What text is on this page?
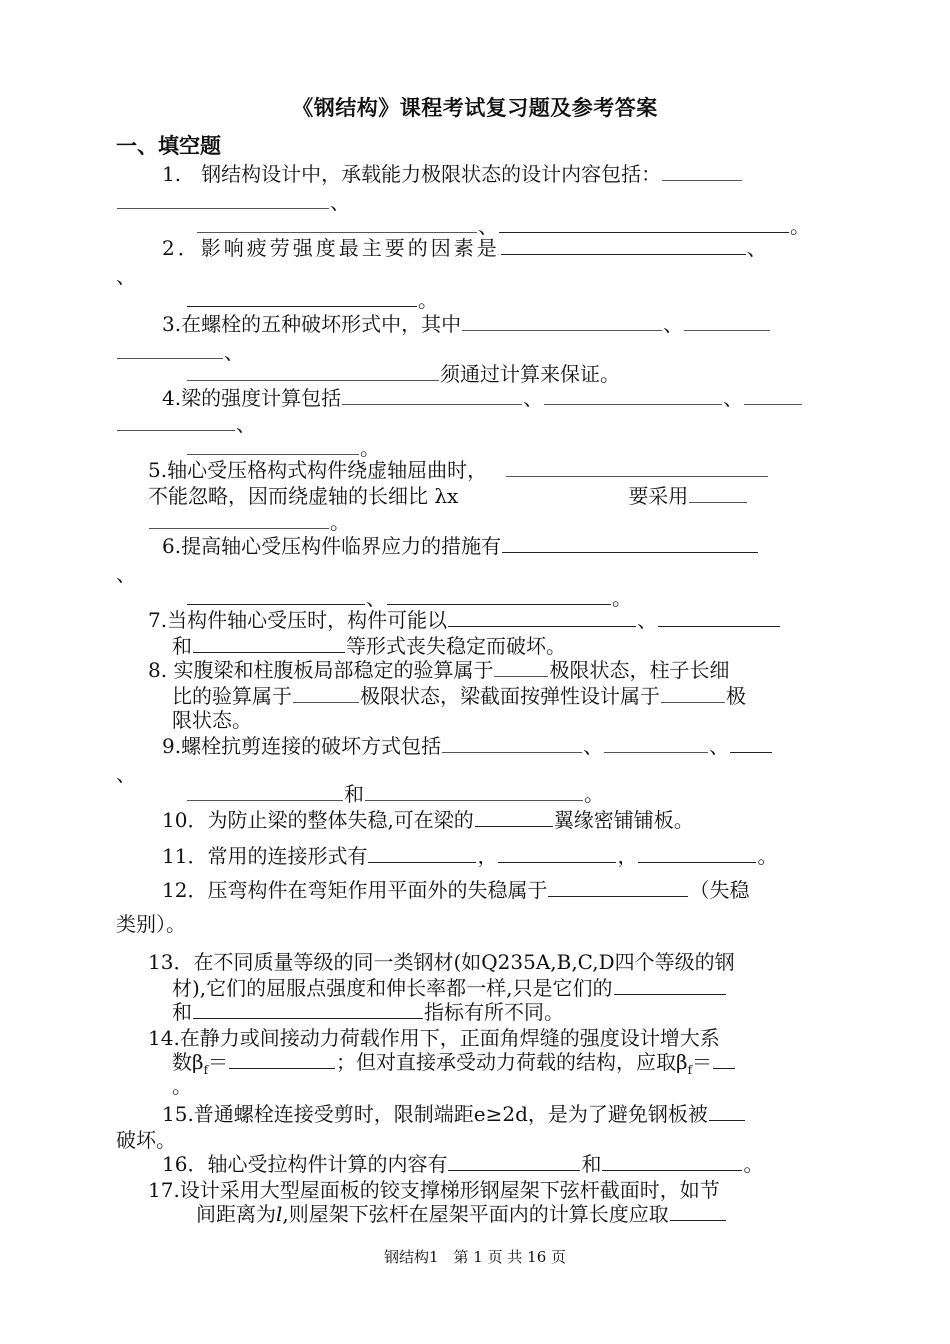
《钢结构》课程考试复习题及参考答案
一、填空题
1.　钢结构设计中，承载能力极限状态的设计内容包括：
、
、	。
2．影响疲劳强度最主要的因素是	、
、
。
3.在螺栓的五种破坏形式中，其中	、
、
须通过计算来保证。
4.梁的强度计算包括	、	、
、
。
5.轴心受压格构式构件绕虚轴屈曲时，
不能忽略，因而绕虚轴的长细比 λx	要采用
。
6.提高轴心受压构件临界应力的措施有
、
、	。
7.当构件轴心受压时，构件可能以	、
和	等形式丧失稳定而破坏。
8. 实腹梁和柱腹板局部稳定的验算属于	极限状态，柱子长细
比的验算属于	极限状态，梁截面按弹性设计属于	极
限状态。
9.螺栓抗剪连接的破坏方式包括	、	、
、
和	。
10．为防止梁的整体失稳,可在梁的	翼缘密铺铺板。
11．常用的连接形式有	，	，	。
12．压弯构件在弯矩作用平面外的失稳属于	（失稳
类别）。
13．在不同质量等级的同一类钢材(如Q235A,B,C,D四个等级的钢
材),它们的屈服点强度和伸长率都一样,只是它们的
和	指标有所不同。
14.在静力或间接动力荷载作用下，正面角焊缝的强度设计增大系
数$\beta_f=$	；但对直接承受动力荷载的结构，应取$\beta_f=$
。
15.普通螺栓连接受剪时，限制端距e≥2d，是为了避免钢板被
破坏。
16．轴心受拉构件计算的内容有	和	。
17.设计采用大型屋面板的铰支撑梯形钢屋架下弦杆截面时，如节
间距离为l,则屋架下弦杆在屋架平面内的计算长度应取
钢结构1　第 1 页 共 16 页
